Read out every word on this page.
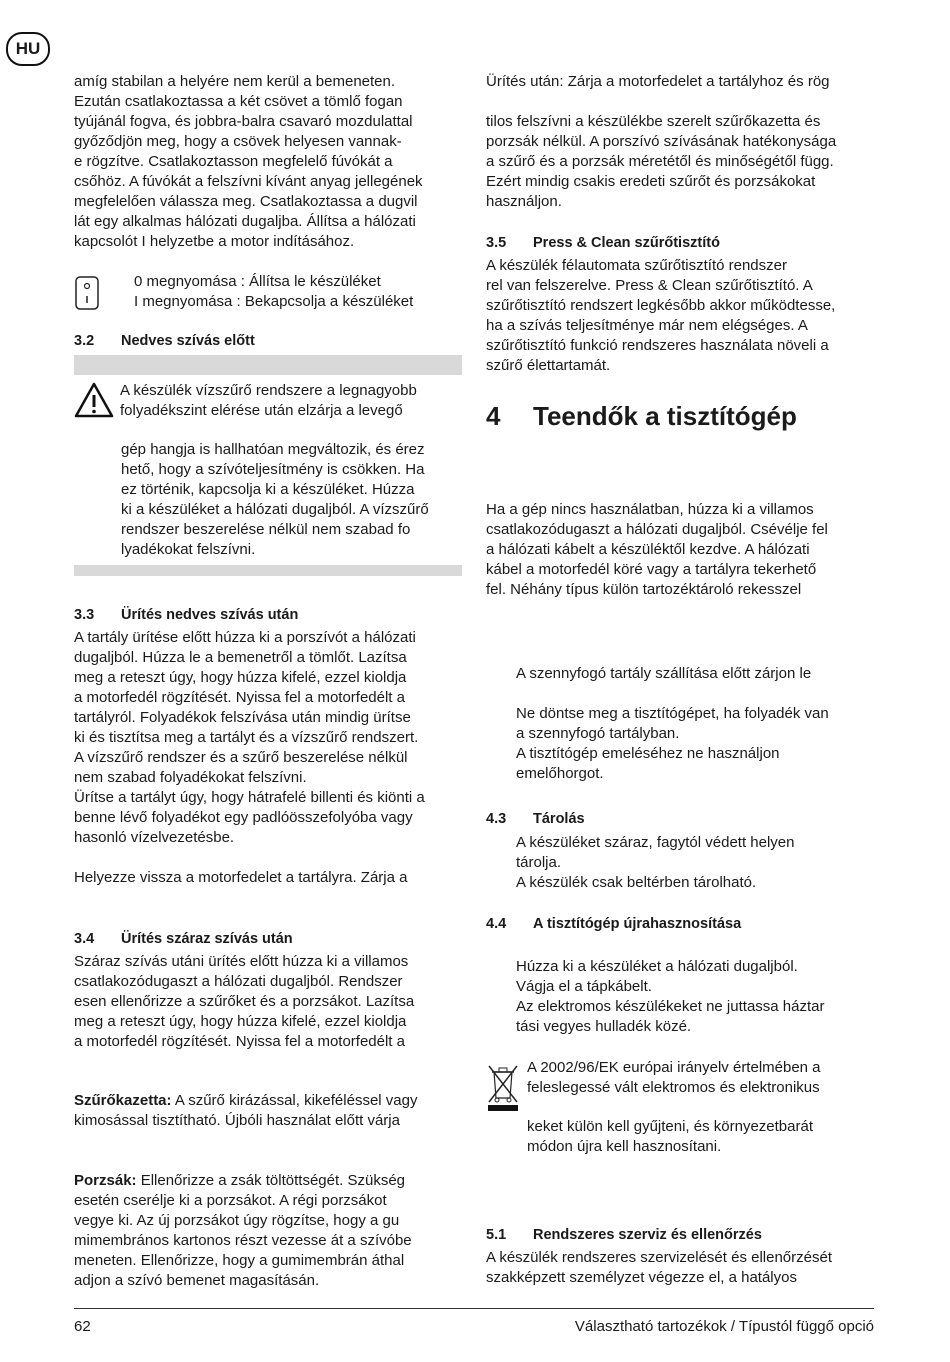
HU
amíg stabilan a helyére nem kerül a bemeneten.
Ezután csatlakoztassa a két csövet a tömlő fogan
tyújánál fogva, és jobbra-balra csavaró mozdulattal
győződjön meg, hogy a csövek helyesen vannak-
e rögzítve. Csatlakoztasson megfelelő fúvókát a
csőhöz. A fúvókát a felszívni kívánt anyag jellegének
megfelelően válassza meg. Csatlakoztassa a dugvil
lát egy alkalmas hálózati dugaljba. Állítsa a hálózati
kapcsolót I helyzetbe a motor indításához.
0 megnyomása : Állítsa le készüléket
I megnyomása : Bekapcsolja a készüléket
3.2 Nedves szívás előtt
A készülék vízszűrő rendszere a legnagyobb
folyadékszint elérése után elzárja a levegő
gép hangja is hallhatóan megváltozik, és érez
hető, hogy a szívóteljesítmény is csökken. Ha
ez történik, kapcsolja ki a készüléket. Húzza
ki a készüléket a hálózati dugaljból. A vízszűrő
rendszer beszerelése nélkül nem szabad fo
lyadékokat felszívni.
3.3 Ürítés nedves szívás után
A tartály ürítése előtt húzza ki a porszívót a hálózati
dugaljból. Húzza le a bemenetről a tömlőt. Lazítsa
meg a reteszt úgy, hogy húzza kifelé, ezzel kioldja
a motorfedél rögzítését. Nyissa fel a motorfedélt a
tartályról. Folyadékok felszívása után mindig ürítse
ki és tisztítsa meg a tartályt és a vízszűrő rendszert.
A vízszűrő rendszer és a szűrő beszerelése nélkül
nem szabad folyadékokat felszívni.
Ürítse a tartályt úgy, hogy hátrafelé billenti és kiönti a
benne lévő folyadékot egy padlóösszefolyóba vagy
hasonló vízelvezetésbe.
Helyezze vissza a motorfedelet a tartályra. Zárja a
3.4 Ürítés száraz szívás után
Száraz szívás utáni ürítés előtt húzza ki a villamos
csatlakozódugaszt a hálózati dugaljból. Rendszer
esen ellenőrizze a szűrőket és a porzsákot. Lazítsa
meg a reteszt úgy, hogy húzza kifelé, ezzel kioldja
a motorfedél rögzítését. Nyissa fel a motorfedélt a
Szűrőkazetta: A szűrő kirázással, kikeféléssel vagy
kimosással tisztítható. Újbóli használat előtt várja
Porzsák: Ellenőrizze a zsák töltöttségét. Szükség
esetén cserélje ki a porzsákot. A régi porzsákot
vegye ki. Az új porzsákot úgy rögzítse, hogy a gu
mimembrános kartonos részt vezesse át a szívóbe
meneten. Ellenőrizze, hogy a gumimembrán áthal
adjon a szívó bemenet magasításán.
Ürítés után: Zárja a motorfedelet a tartályhoz és rög
tilos felszívni a készülékbe szerelt szűrőkazetta és
porzsák nélkül. A porszívó szívásának hatékonysága
a szűrő és a porzsák méretétől és minőségétől függ.
Ezért mindig csakis eredeti szűrőt és porzsákokat
használjon.
3.5 Press & Clean szűrőtisztító
A készülék félautomata szűrőtisztító rendszer
rel van felszerelve. Press & Clean szűrőtisztító. A
szűrőtisztító rendszert legkésőbb akkor működtesse,
ha a szívás teljesítménye már nem elégséges. A
szűrőtisztító funkció rendszeres használata növeli a
szűrő élettartamát.
4 Teendők a tisztítógép
Ha a gép nincs használatban, húzza ki a villamos
csatlakozódugaszt a hálózati dugaljból. Csévélje fel
a hálózati kábelt a készüléktől kezdve. A hálózati
kábel a motorfedél köré vagy a tartályra tekerhető
fel. Néhány típus külön tartozéktároló rekesszel
A szennyfogó tartály szállítása előtt zárjon le
Ne döntse meg a tisztítógépet, ha folyadék van
a szennyfogó tartályban.
A tisztítógép emeléséhez ne használjon
emelőhorgot.
4.3 Tárolás
A készüléket száraz, fagytól védett helyen
tárolja.
A készülék csak beltérben tárolható.
4.4 A tisztítógép újrahasznosítása
Húzza ki a készüléket a hálózati dugaljból.
Vágja el a tápkábelt.
Az elektromos készülékeket ne juttassa háztar
tási vegyes hulladék közé.
A 2002/96/EK európai irányelv értelmében a
feleslegessé vált elektromos és elektronikus
keket külön kell gyűjteni, és környezetbarát
módon újra kell hasznosítani.
5.1 Rendszeres szerviz és ellenőrzés
A készülék rendszeres szervizelését és ellenőrzését
szakképzett személyzet végezze el, a hatályos
62	Választható tartozékok / Típustól függő opció
